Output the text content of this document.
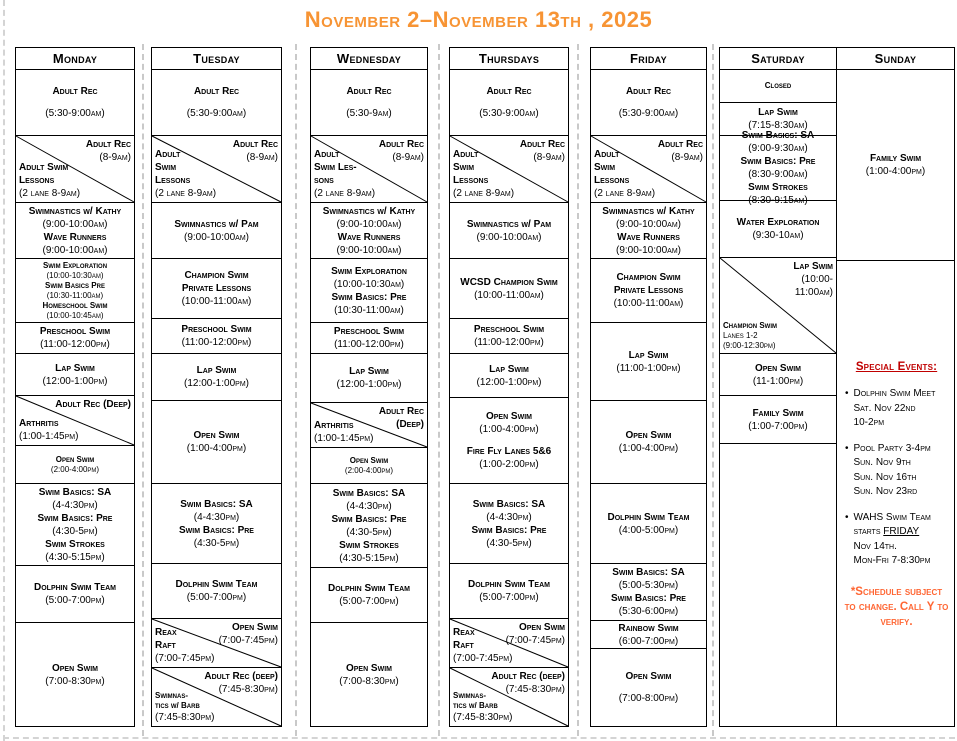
November 2–November 13th , 2025
Monday
Adult Rec

(5:30-9:00am)
Adult Rec
(8-9am)
Adult Swim
Lessons
(2 lane 8-9am)
Swimnastics w/ Kathy
(9:00-10:00am)
Wave Runners
(9:00-10:00am)
Swim Exploration
(10:00-10:30am)
Swim Basics Pre
(10:30-11:00am)
Homeschool Swim
(10:00-10:45am)
Preschool Swim
(11:00-12:00pm)
Lap Swim
(12:00-1:00pm)
Adult Rec (Deep)
Arthritis
(1:00-1:45pm)
Open Swim
(2:00-4:00pm)
Swim Basics: SA
(4-4:30pm)
Swim Basics: Pre
(4:30-5pm)
Swim Strokes
(4:30-5:15pm)
Dolphin Swim Team
(5:00-7:00pm)
Open Swim
(7:00-8:30pm)
Tuesday
Adult Rec

(5:30-9:00am)
Adult Rec
(8-9am)
Adult
Swim
Lessons
(2 lane 8-9am)
Swimnastics w/ Pam
(9:00-10:00am)
Champion Swim
Private Lessons
(10:00-11:00am)
Preschool Swim
(11:00-12:00pm)
Lap Swim
(12:00-1:00pm)
Open Swim
(1:00-4:00pm)
Swim Basics: SA
(4-4:30pm)
Swim Basics: Pre
(4:30-5pm)
Dolphin Swim Team
(5:00-7:00pm)
Open Swim
(7:00-7:45pm)
Reax
Raft
(7:00-7:45pm)
Adult Rec (deep)
(7:45-8:30pm)
Swimnas-
tics w/ Barb
(7:45-8:30pm)
Wednesday
Adult Rec

(5:30-9am)
Adult Rec
(8-9am)
Adult
Swim Les-
sons
(2 lane 8-9am)
Swimnastics w/ Kathy
(9:00-10:00am)
Wave Runners
(9:00-10:00am)
Swim Exploration
(10:00-10:30am)
Swim Basics: Pre
(10:30-11:00am)
Preschool Swim
(11:00-12:00pm)
Lap Swim
(12:00-1:00pm)
Adult Rec
(Deep)
Arthritis
(1:00-1:45pm)
Open Swim
(2:00-4:00pm)
Swim Basics: SA
(4-4:30pm)
Swim Basics: Pre
(4:30-5pm)
Swim Strokes
(4:30-5:15pm)
Dolphin Swim Team
(5:00-7:00pm)
Open Swim
(7:00-8:30pm)
Thursdays
Adult Rec

(5:30-9:00am)
Adult Rec
(8-9am)
Adult
Swim
Lessons
(2 lane 8-9am)
Swimnastics w/ Pam
(9:00-10:00am)
WCSD Champion Swim
(10:00-11:00am)
Preschool Swim
(11:00-12:00pm)
Lap Swim
(12:00-1:00pm)
Open Swim
(1:00-4:00pm)

Fire Fly Lanes 5&6
(1:00-2:00pm)
Swim Basics: SA
(4-4:30pm)
Swim Basics: Pre
(4:30-5pm)
Dolphin Swim Team
(5:00-7:00pm)
Open Swim
(7:00-7:45pm)
Reax
Raft
(7:00-7:45pm)
Adult Rec (deep)
(7:45-8:30pm)
Swimnas-
tics w/ Barb
(7:45-8:30pm)
Friday
Adult Rec

(5:30-9:00am)
Adult Rec
(8-9am)
Adult
Swim
Lessons
(2 lane 8-9am)
Swimnastics w/ Kathy
(9:00-10:00am)
Wave Runners
(9:00-10:00am)
Champion Swim
Private Lessons
(10:00-11:00am)
Lap Swim
(11:00-1:00pm)
Open Swim
(1:00-4:00pm)
Dolphin Swim Team
(4:00-5:00pm)
Swim Basics: SA
(5:00-5:30pm)
Swim Basics: Pre
(5:30-6:00pm)
Rainbow Swim
(6:00-7:00pm)
Open Swim

(7:00-8:00pm)
Saturday
Closed
Lap Swim
(7:15-8:30am)
Swim Basics: SA
(9:00-9:30am)
Swim Basics: Pre
(8:30-9:00am)
Swim Strokes
(8:30-9:15am)
Water Exploration
(9:30-10am)
Lap Swim
(10:00-
11:00am)
Champion Swim
Lanes 1-2
(9:00-12:30pm)
Open Swim
(11-1:00pm)
Family Swim
(1:00-7:00pm)
Sunday
Family Swim
(1:00-4:00pm)
Special Events:
• Dolphin Swim Meet
Sat. Nov 22nd
10-2pm
• Pool Party 3-4pm
Sun. Nov 9th
Sun. Nov 16th
Sun. Nov 23rd
• WAHS Swim Team
starts FRIDAY
Nov 14th.
Mon-Fri 7-8:30pm
*Schedule subject to change. Call Y to verify.
